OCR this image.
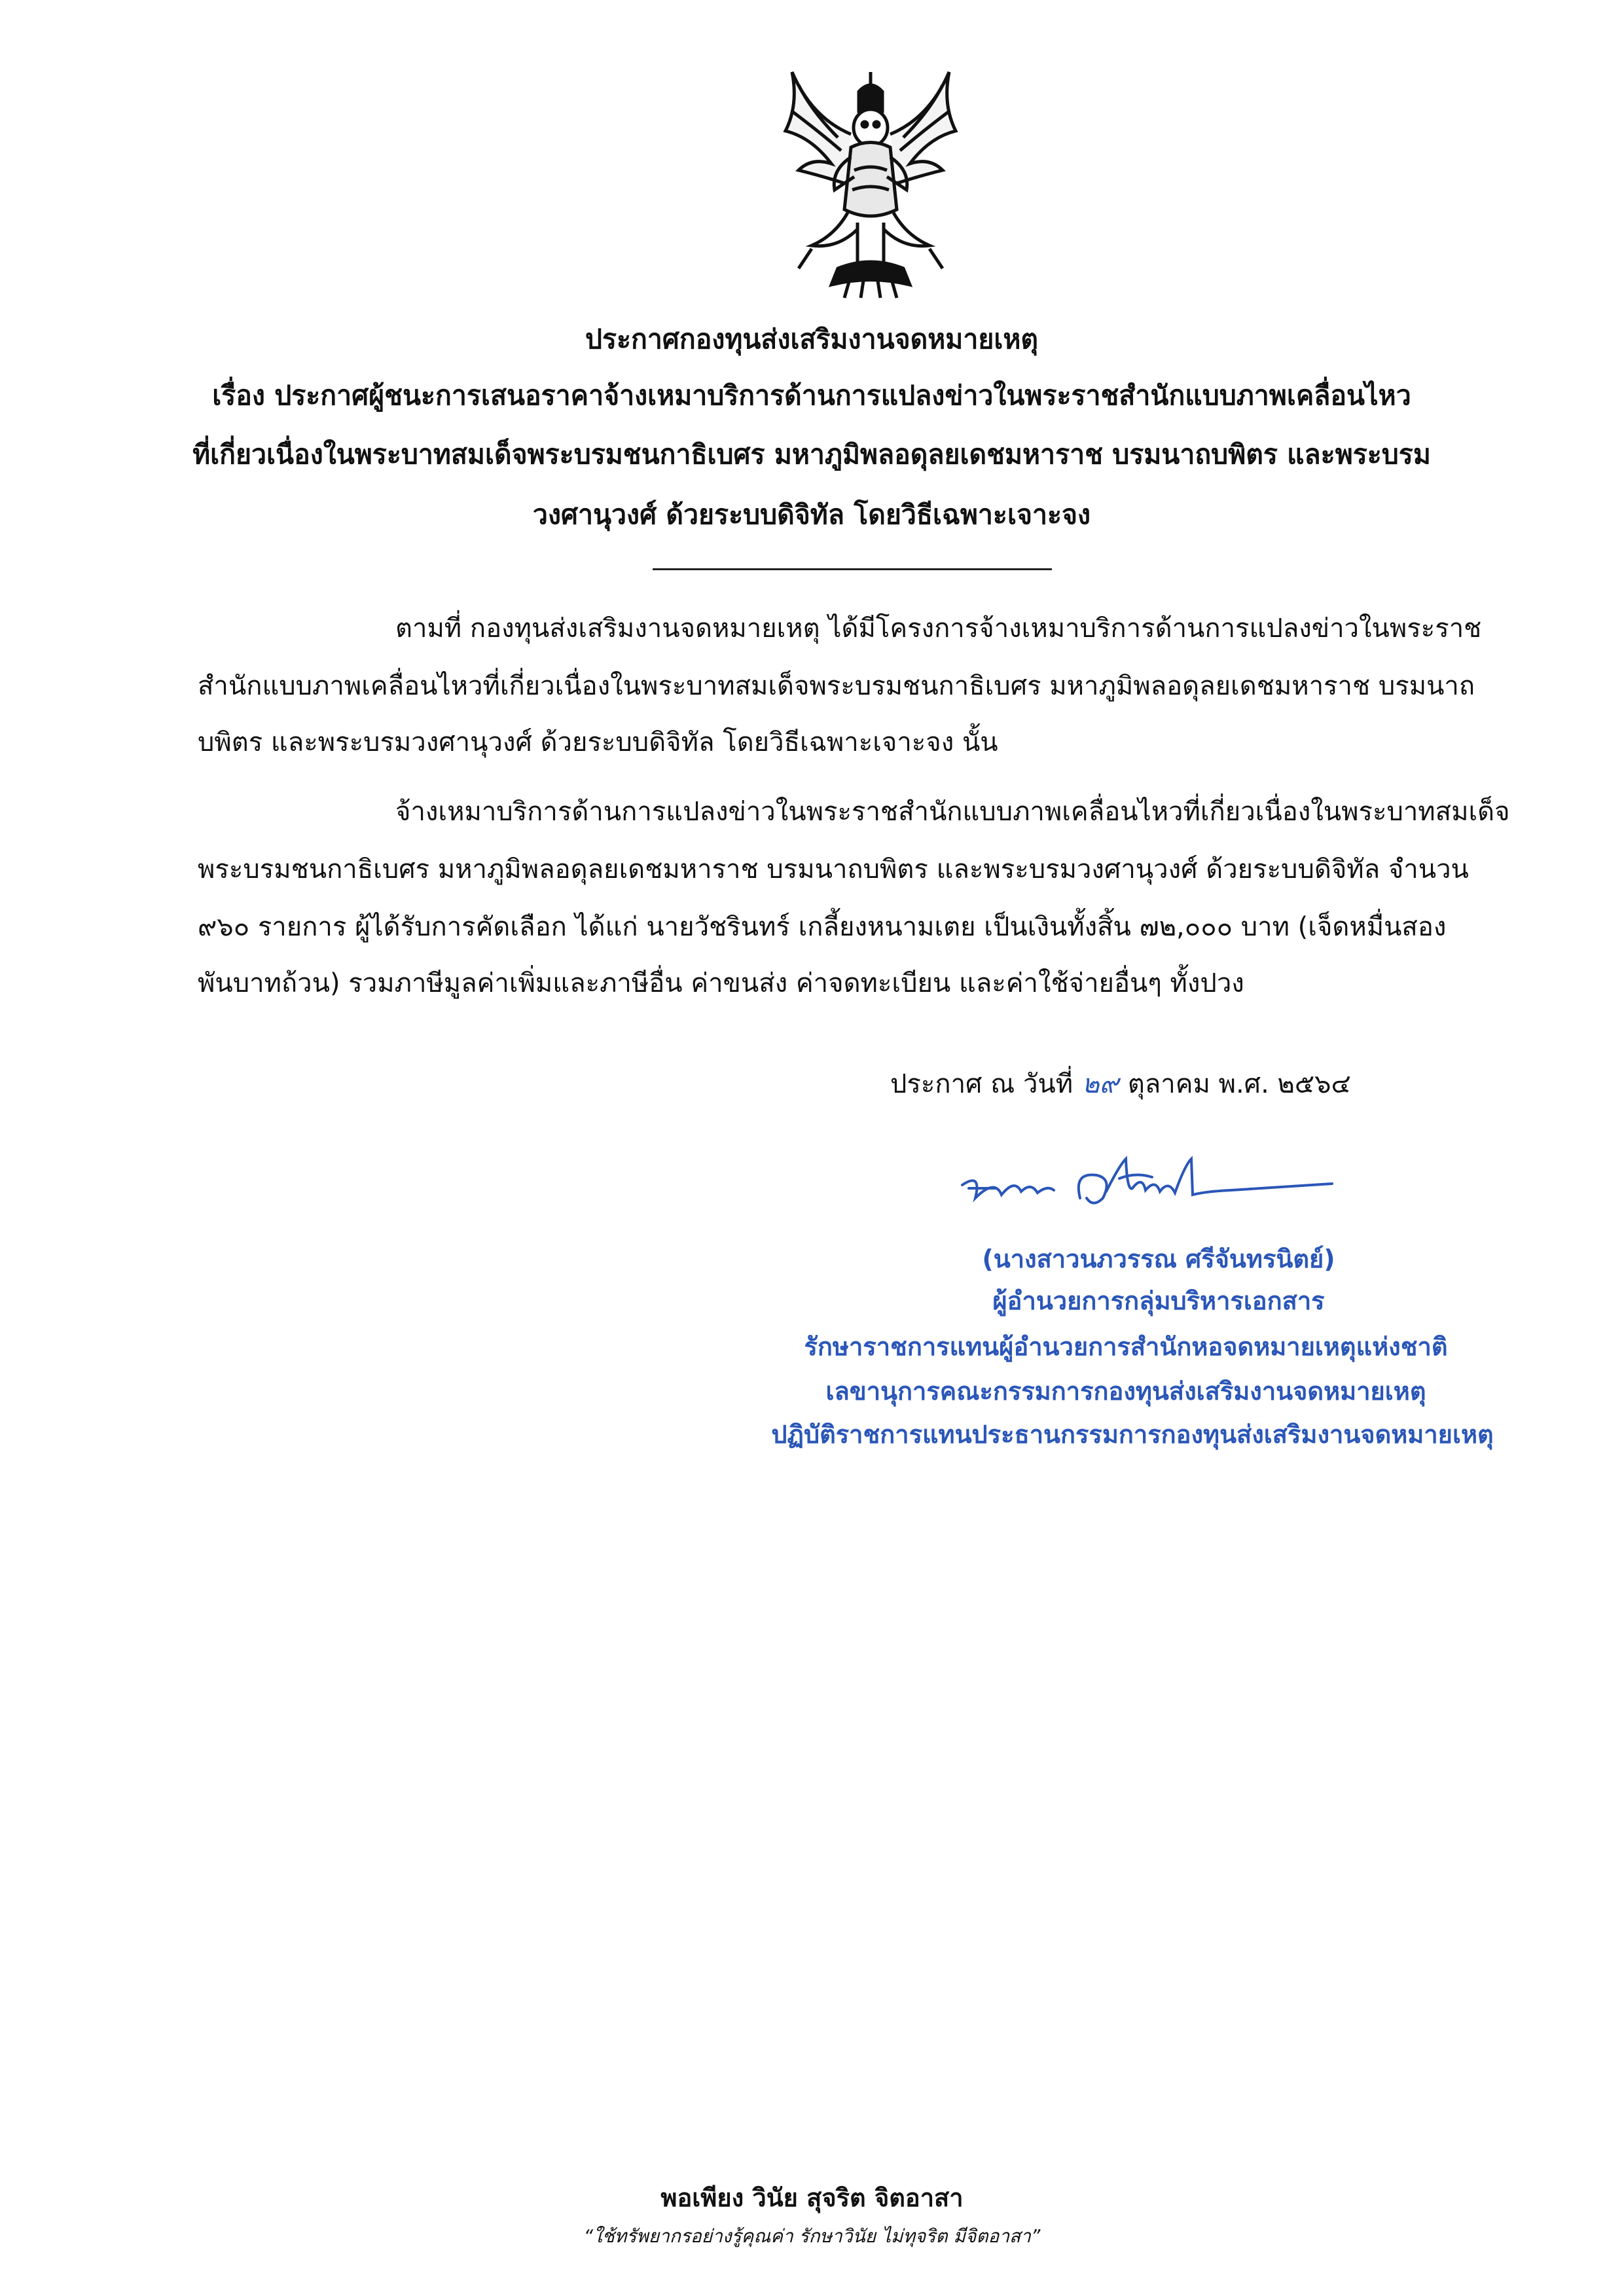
ประกาศกองทุนส่งเสริมงานจดหมายเหตุ
เรื่อง ประกาศผู้ชนะการเสนอราคาจ้างเหมาบริการด้านการแปลงข่าวในพระราชสำนักแบบภาพเคลื่อนไหว
ที่เกี่ยวเนื่องในพระบาทสมเด็จพระบรมชนกาธิเบศร มหาภูมิพลอดุลยเดชมหาราช บรมนาถบพิตร และพระบรม
วงศานุวงศ์ ด้วยระบบดิจิทัล โดยวิธีเฉพาะเจาะจง
ตามที่ กองทุนส่งเสริมงานจดหมายเหตุ ได้มีโครงการจ้างเหมาบริการด้านการแปลงข่าวในพระราช
สำนักแบบภาพเคลื่อนไหวที่เกี่ยวเนื่องในพระบาทสมเด็จพระบรมชนกาธิเบศร มหาภูมิพลอดุลยเดชมหาราช บรมนาถ
บพิตร และพระบรมวงศานุวงศ์ ด้วยระบบดิจิทัล โดยวิธีเฉพาะเจาะจง นั้น
จ้างเหมาบริการด้านการแปลงข่าวในพระราชสำนักแบบภาพเคลื่อนไหวที่เกี่ยวเนื่องในพระบาทสมเด็จ
พระบรมชนกาธิเบศร มหาภูมิพลอดุลยเดชมหาราช บรมนาถบพิตร และพระบรมวงศานุวงศ์ ด้วยระบบดิจิทัล จำนวน
๙๖๐ รายการ ผู้ได้รับการคัดเลือก ได้แก่ นายวัชรินทร์ เกลี้ยงหนามเตย เป็นเงินทั้งสิ้น ๗๒,๐๐๐ บาท (เจ็ดหมื่นสอง
พันบาทถ้วน) รวมภาษีมูลค่าเพิ่มและภาษีอื่น ค่าขนส่ง ค่าจดทะเบียน และค่าใช้จ่ายอื่นๆ ทั้งปวง
ประกาศ ณ วันที่ ๒๙ ตุลาคม พ.ศ. ๒๕๖๔
(นางสาวนภวรรณ ศรีจันทรนิตย์)
ผู้อำนวยการกลุ่มบริหารเอกสาร
รักษาราชการแทนผู้อำนวยการสำนักหอจดหมายเหตุแห่งชาติ
เลขานุการคณะกรรมการกองทุนส่งเสริมงานจดหมายเหตุ
ปฏิบัติราชการแทนประธานกรรมการกองทุนส่งเสริมงานจดหมายเหตุ
พอเพียง วินัย สุจริต จิตอาสา
“ใช้ทรัพยากรอย่างรู้คุณค่า รักษาวินัย ไม่ทุจริต มีจิตอาสา”
